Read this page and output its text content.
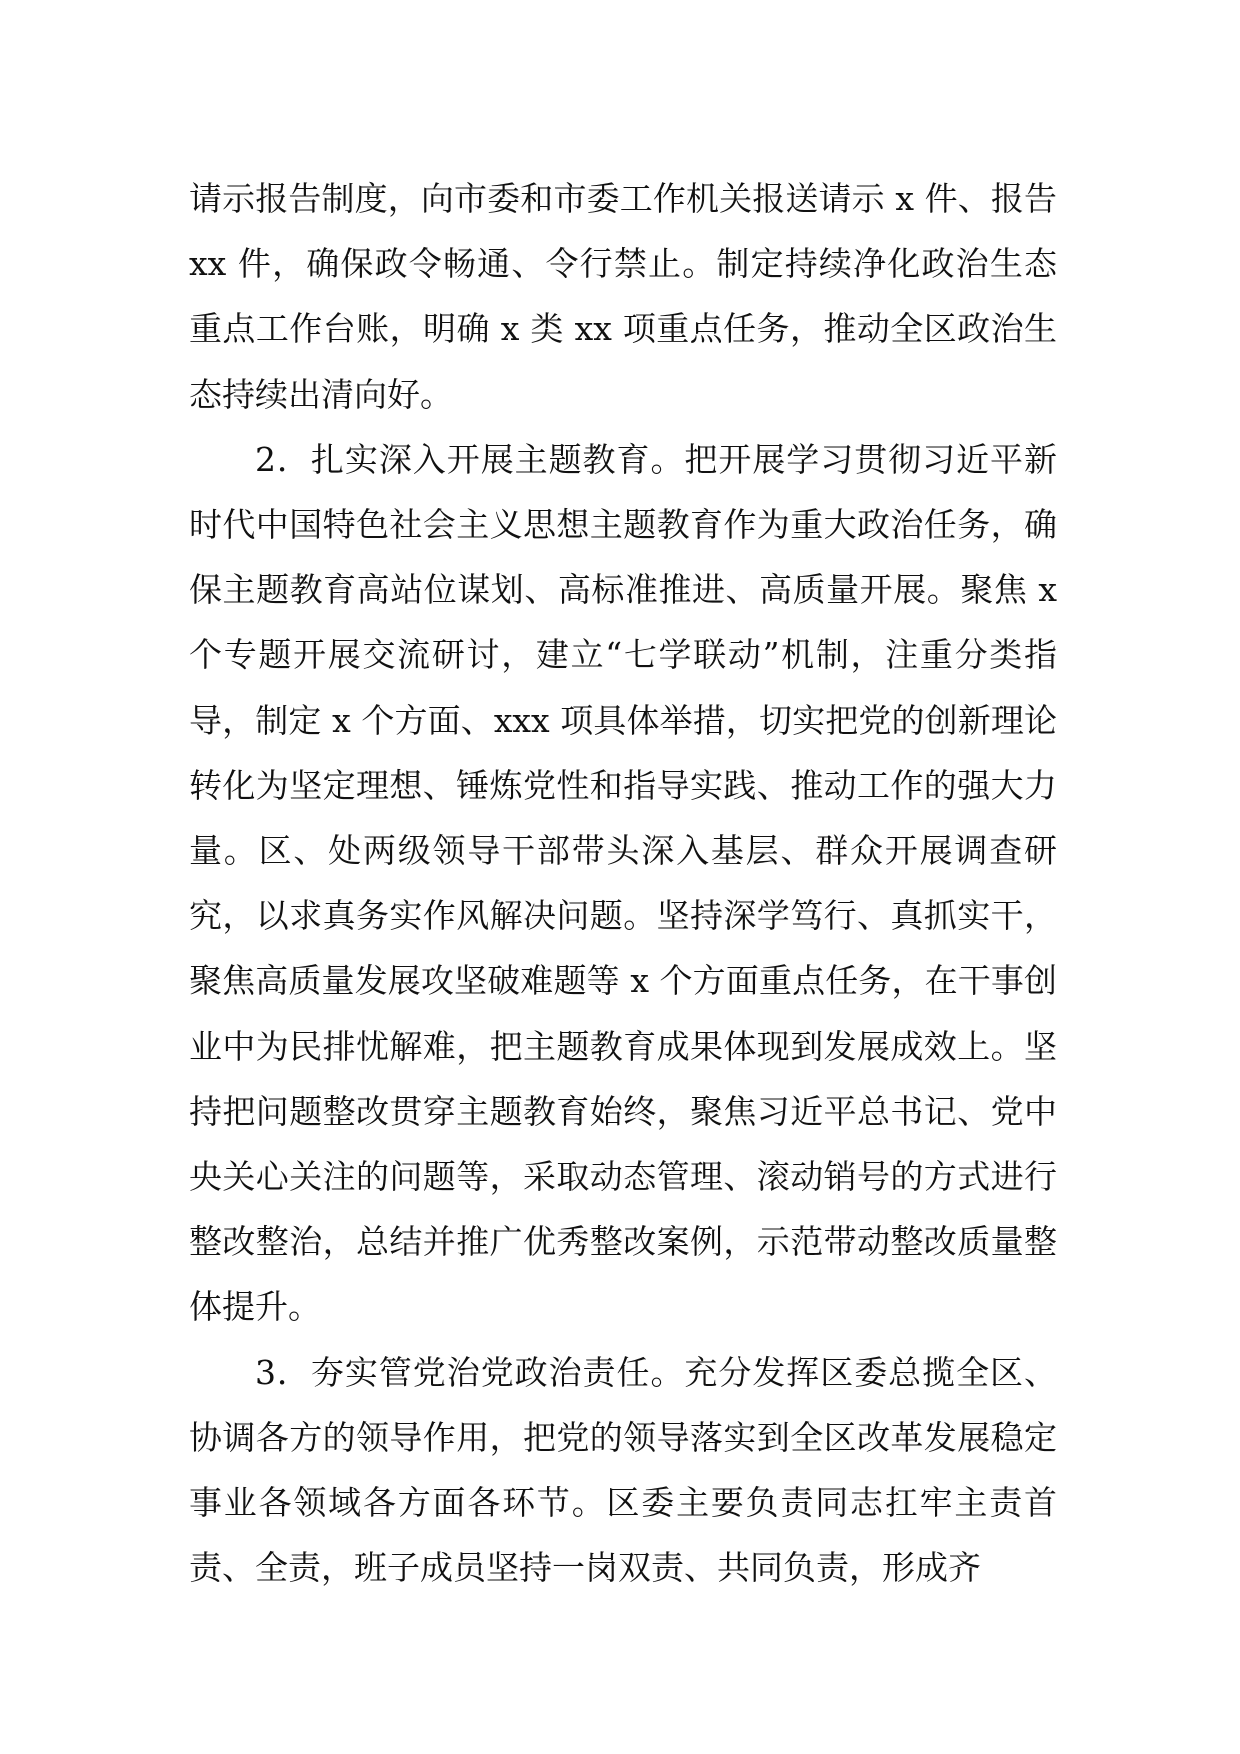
请示报告制度，向市委和市委工作机关报送请示 x 件、报告 xx 件，确保政令畅通、令行禁止。制定持续净化政治生态重点工作台账，明确 x 类 xx 项重点任务，推动全区政治生态持续出清向好。

2．扎实深入开展主题教育。把开展学习贯彻习近平新时代中国特色社会主义思想主题教育作为重大政治任务，确保主题教育高站位谋划、高标准推进、高质量开展。聚焦 x 个专题开展交流研讨，建立“七学联动”机制，注重分类指导，制定 x 个方面、xxx 项具体举措，切实把党的创新理论转化为坚定理想、锤炼党性和指导实践、推动工作的强大力量。区、处两级领导干部带头深入基层、群众开展调查研究，以求真务实作风解决问题。坚持深学笃行、真抓实干，聚焦高质量发展攻坚破难题等 x 个方面重点任务，在干事创业中为民排忧解难，把主题教育成果体现到发展成效上。坚持把问题整改贯穿主题教育始终，聚焦习近平总书记、党中央关心关注的问题等，采取动态管理、滚动销号的方式进行整改整治，总结并推广优秀整改案例，示范带动整改质量整体提升。

3．夯实管党治党政治责任。充分发挥区委总揽全区、协调各方的领导作用，把党的领导落实到全区改革发展稳定事业各领域各方面各环节。区委主要负责同志扛牢主责首责、全责，班子成员坚持一岗双责、共同负责，形成齐
